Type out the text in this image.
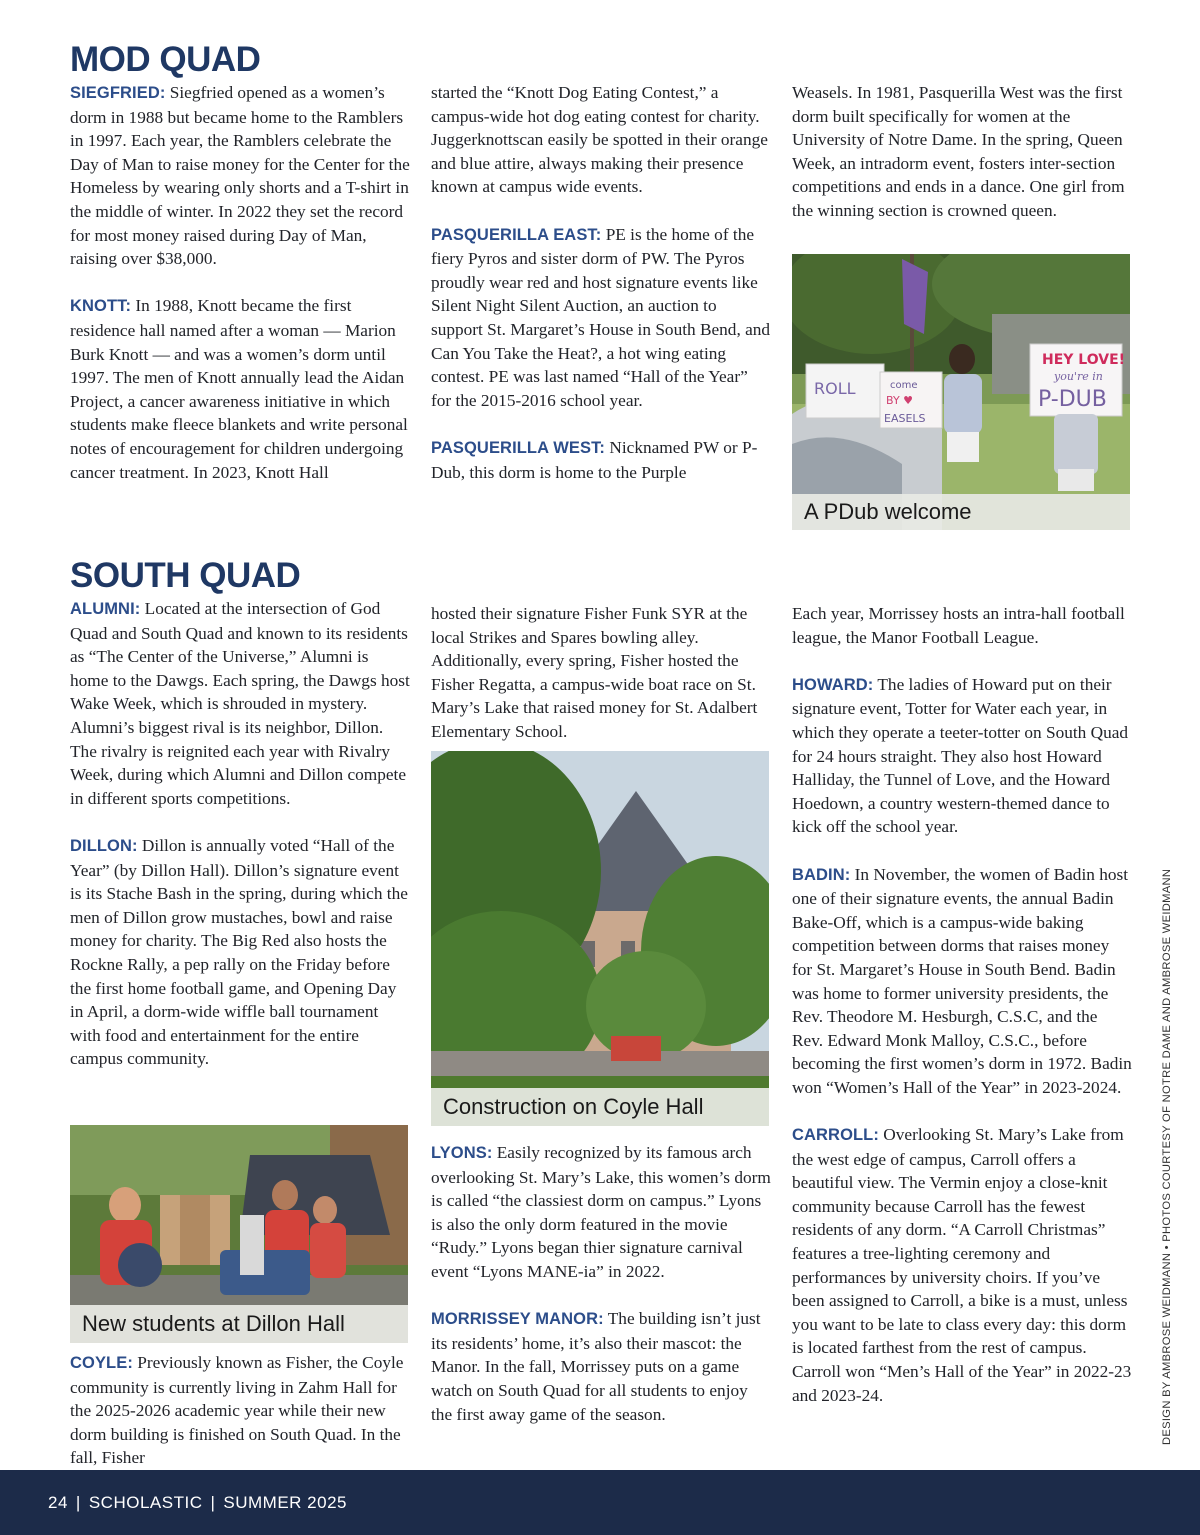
MOD QUAD

SIEGFRIED: Siegfried opened as a women’s dorm in 1988 but became home to the Ramblers in 1997. Each year, the Ramblers celebrate the Day of Man to raise money for the Center for the Homeless by wearing only shorts and a T-shirt in the middle of winter. In 2022 they set the record for most money raised during Day of Man, raising over $38,000.

KNOTT: In 1988, Knott became the first residence hall named after a woman — Marion Burk Knott — and was a women’s dorm until 1997. The men of Knott annually lead the Aidan Project, a cancer awareness initiative in which students make fleece blankets and write personal notes of encouragement for children undergoing cancer treatment. In 2023, Knott Hall

started the “Knott Dog Eating Contest,” a campus-wide hot dog eating contest for charity. Juggerknottscan easily be spotted in their orange and blue attire, always making their presence known at campus wide events.

PASQUERILLA EAST: PE is the home of the fiery Pyros and sister dorm of PW. The Pyros proudly wear red and host signature events like Silent Night Silent Auction, an auction to support St. Margaret’s House in South Bend, and Can You Take the Heat?, a hot wing eating contest. PE was last named “Hall of the Year” for the 2015-2016 school year.

PASQUERILLA WEST: Nicknamed PW or P-Dub, this dorm is home to the Purple

Weasels. In 1981, Pasquerilla West was the first dorm built specifically for women at the University of Notre Dame. In the spring, Queen Week, an intradorm event, fosters inter-section competitions and ends in a dance. One girl from the winning section is crowned queen.

ROLL	come
BY ♥
EASELS
HEY LOVE!
you're in
P-DUB
A PDub welcome
SOUTH QUAD

ALUMNI: Located at the intersection of God Quad and South Quad and known to its residents as “The Center of the Universe,” Alumni is home to the Dawgs. Each spring, the Dawgs host Wake Week, which is shrouded in mystery. Alumni’s biggest rival is its neighbor, Dillon. The rivalry is reignited each year with Rivalry Week, during which Alumni and Dillon compete in different sports competitions.

DILLON: Dillon is annually voted “Hall of the Year” (by Dillon Hall). Dillon’s signature event is its Stache Bash in the spring, during which the men of Dillon grow mustaches, bowl and raise money for charity. The Big Red also hosts the Rockne Rally, a pep rally on the Friday before the first home football game, and Opening Day in April, a dorm-wide wiffle ball tournament with food and entertainment for the entire campus community.

New students at Dillon Hall

COYLE: Previously known as Fisher, the Coyle community is currently living in Zahm Hall for the 2025-2026 academic year while their new dorm building is finished on South Quad. In the fall, Fisher

hosted their signature Fisher Funk SYR at the local Strikes and Spares bowling alley. Additionally, every spring, Fisher hosted the Fisher Regatta, a campus-wide boat race on St. Mary’s Lake that raised money for St. Adalbert Elementary School.

Construction on Coyle Hall

LYONS: Easily recognized by its famous arch overlooking St. Mary’s Lake, this women’s dorm is called “the classiest dorm on campus.” Lyons is also the only dorm featured in the movie “Rudy.” Lyons began thier signature carnival event “Lyons MANE-ia” in 2022.

MORRISSEY MANOR: The building isn’t just its residents’ home, it’s also their mascot: the Manor. In the fall, Morrissey puts on a game watch on South Quad for all students to enjoy the first away game of the season.

Each year, Morrissey hosts an intra-hall football league, the Manor Football League.

HOWARD: The ladies of Howard put on their signature event, Totter for Water each year, in which they operate a teeter-totter on South Quad for 24 hours straight. They also host Howard Halliday, the Tunnel of Love, and the Howard Hoedown, a country western-themed dance to kick off the school year.

BADIN: In November, the women of Badin host one of their signature events, the annual Badin Bake-Off, which is a campus-wide baking competition between dorms that raises money for St. Margaret’s House in South Bend. Badin was home to former university presidents, the Rev. Theodore M. Hesburgh, C.S.C, and the Rev. Edward Monk Malloy, C.S.C., before becoming the first women’s dorm in 1972. Badin won “Women’s Hall of the Year” in 2023-2024.

CARROLL: Overlooking St. Mary’s Lake from the west edge of campus, Carroll offers a beautiful view. The Vermin enjoy a close-knit community because Carroll has the fewest residents of any dorm. “A Carroll Christmas” features a tree-lighting ceremony and performances by university choirs. If you’ve been assigned to Carroll, a bike is a must, unless you want to be late to class every day: this dorm is located farthest from the rest of campus. Carroll won “Men’s Hall of the Year” in 2022-23 and 2023-24.	DESIGN BY AMBROSE WEIDMANN • PHOTOS COURTESY OF NOTRE DAME AND AMBROSE WEIDMANN
24 | SCHOLASTIC | SUMMER 2025
